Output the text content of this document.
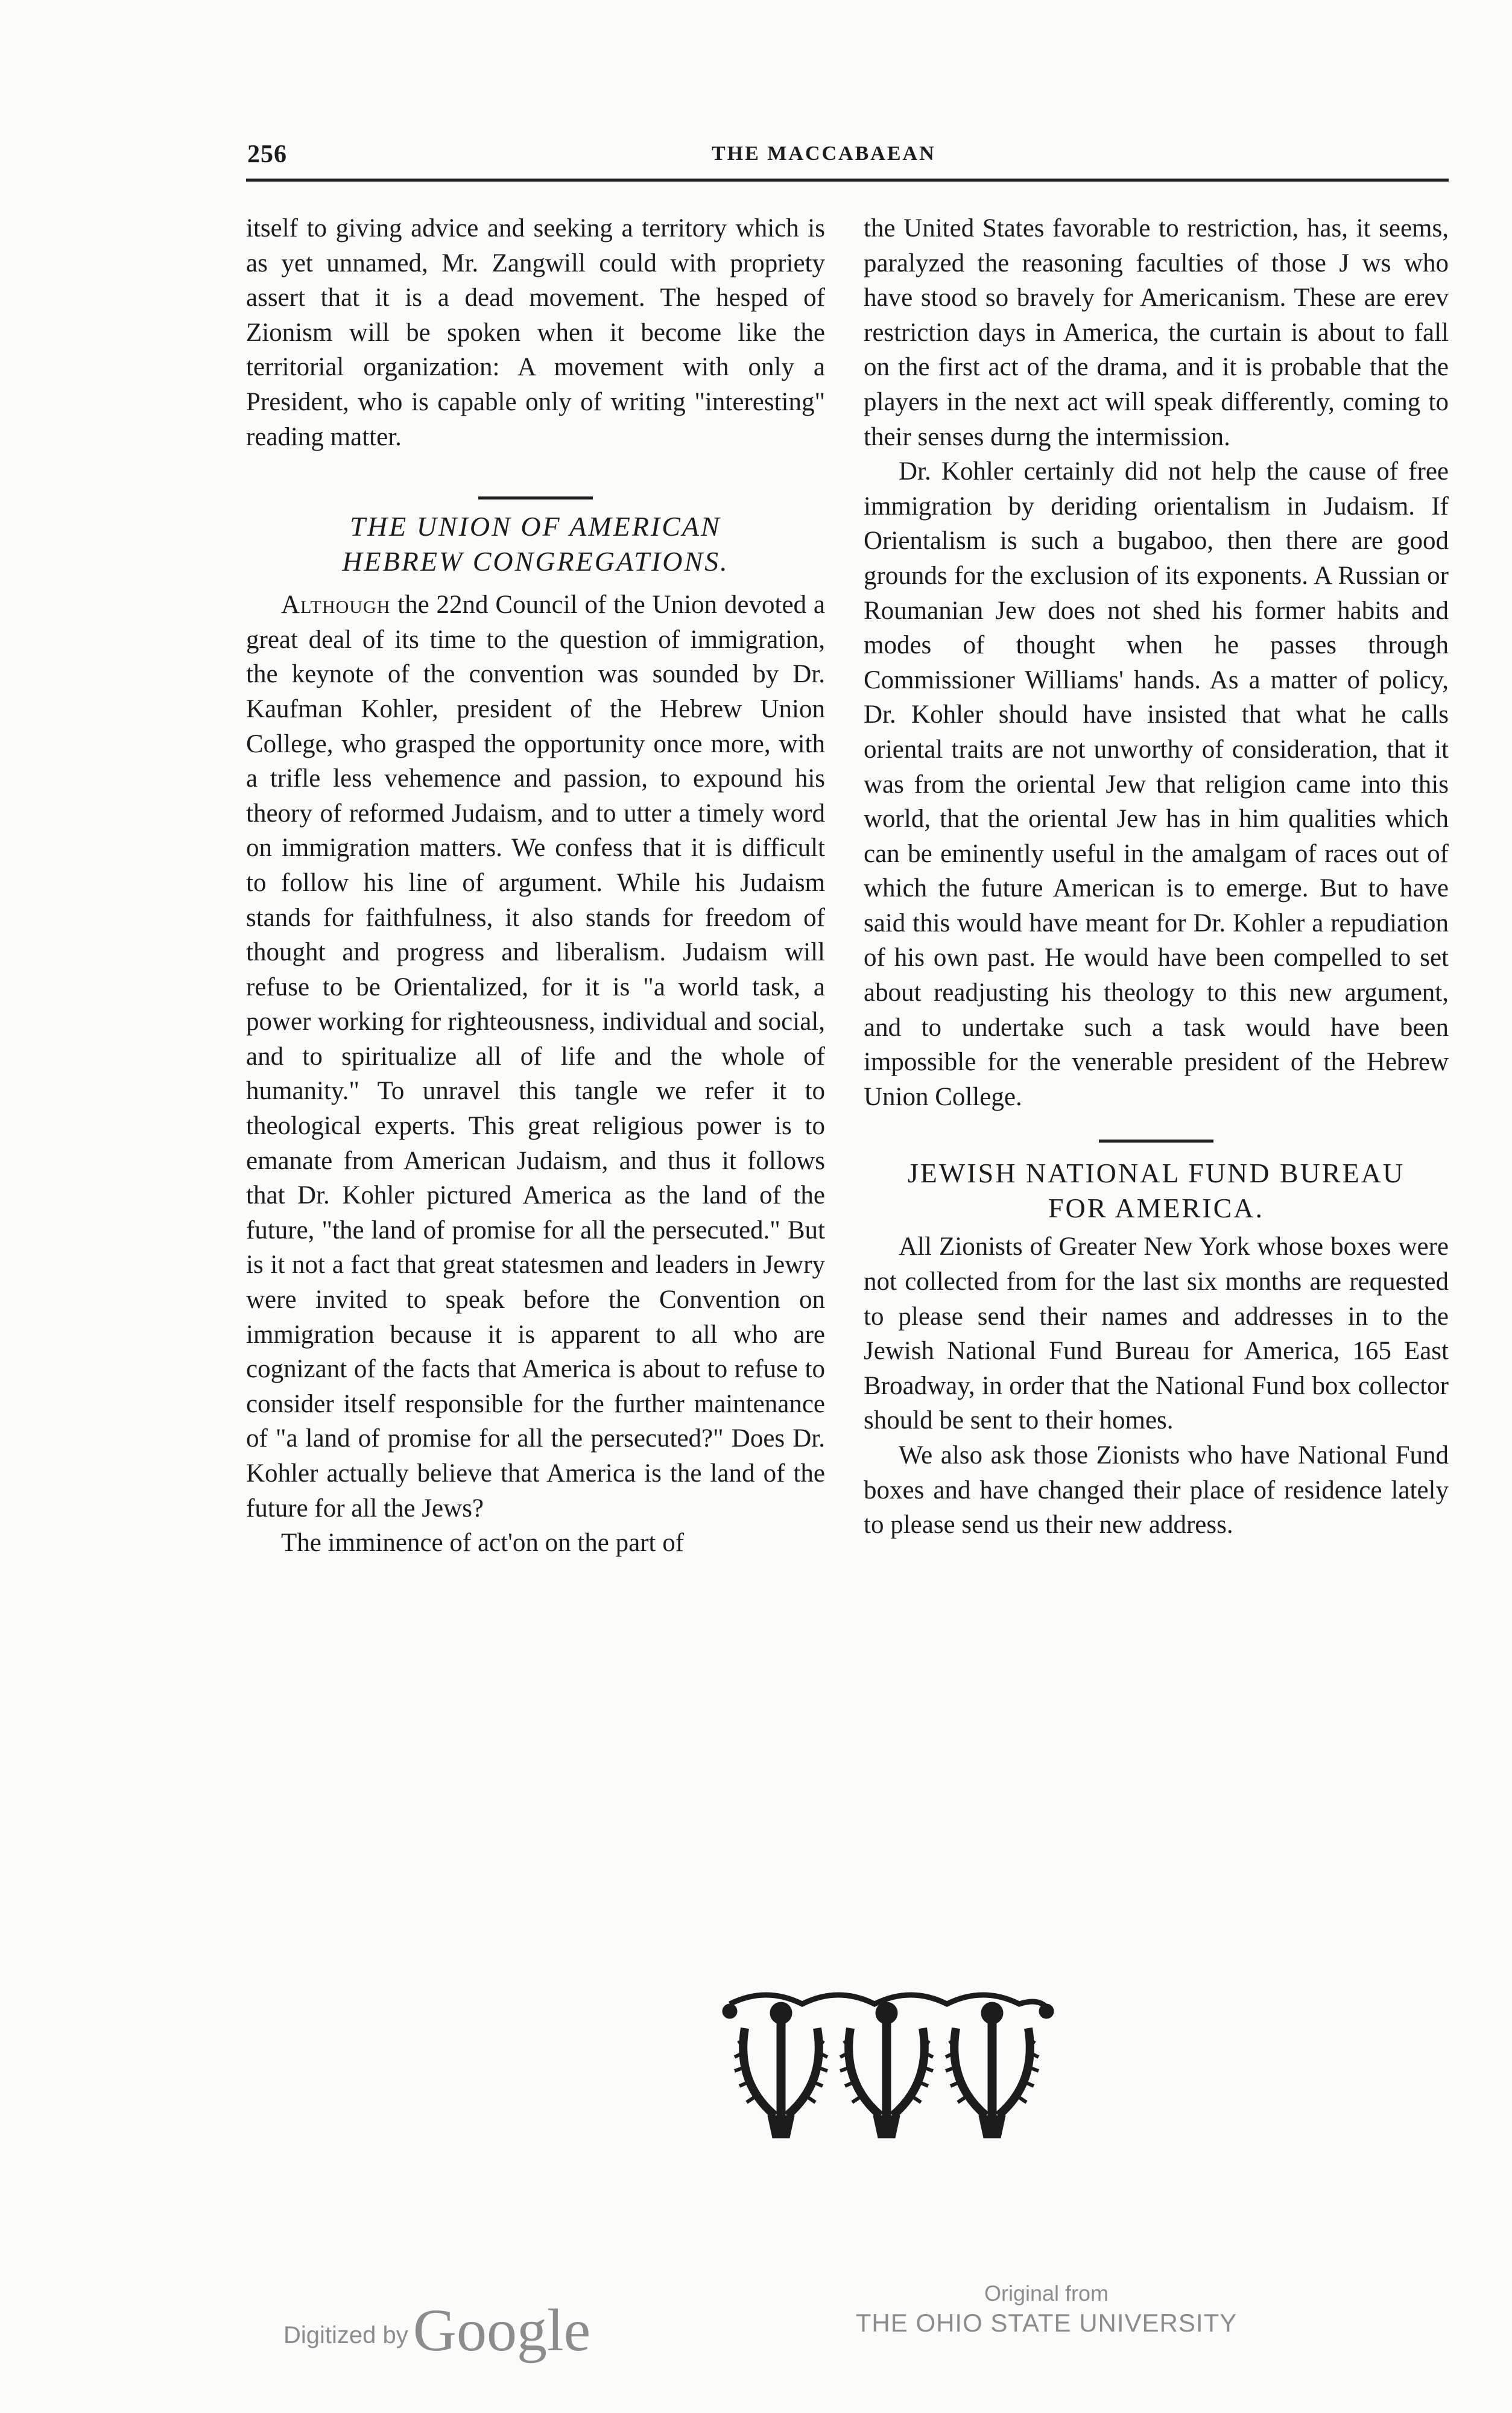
256	THE MACCABAEAN

itself to giving advice and seeking a territory which is as yet unnamed, Mr. Zangwill could with propriety assert that it is a dead movement. The hesped of Zionism will be spoken when it become like the territorial organization: A movement with only a President, who is capable only of writing "interesting" reading matter.

THE UNION OF AMERICAN
HEBREW CONGREGATIONS.

Although the 22nd Council of the Union devoted a great deal of its time to the question of immigration, the keynote of the convention was sounded by Dr. Kaufman Kohler, president of the Hebrew Union College, who grasped the opportunity once more, with a trifle less vehemence and passion, to expound his theory of reformed Judaism, and to utter a timely word on immigration matters. We confess that it is difficult to follow his line of argument. While his Judaism stands for faithfulness, it also stands for freedom of thought and progress and liberalism. Judaism will refuse to be Orientalized, for it is "a world task, a power working for righteousness, individual and social, and to spiritualize all of life and the whole of humanity." To unravel this tangle we refer it to theological experts. This great religious power is to emanate from American Judaism, and thus it follows that Dr. Kohler pictured America as the land of the future, "the land of promise for all the persecuted." But is it not a fact that great statesmen and leaders in Jewry were invited to speak before the Convention on immigration because it is apparent to all who are cognizant of the facts that America is about to refuse to consider itself responsible for the further maintenance of "a land of promise for all the persecuted?" Does Dr. Kohler actually believe that America is the land of the future for all the Jews?

The imminence of act'on on the part of

the United States favorable to restriction, has, it seems, paralyzed the reasoning faculties of those J ws who have stood so bravely for Americanism. These are erev restriction days in America, the curtain is about to fall on the first act of the drama, and it is probable that the players in the next act will speak differently, coming to their senses durng the intermission.

Dr. Kohler certainly did not help the cause of free immigration by deriding orientalism in Judaism. If Orientalism is such a bugaboo, then there are good grounds for the exclusion of its exponents. A Russian or Roumanian Jew does not shed his former habits and modes of thought when he passes through Commissioner Williams' hands. As a matter of policy, Dr. Kohler should have insisted that what he calls oriental traits are not unworthy of consideration, that it was from the oriental Jew that religion came into this world, that the oriental Jew has in him qualities which can be eminently useful in the amalgam of races out of which the future American is to emerge. But to have said this would have meant for Dr. Kohler a repudiation of his own past. He would have been compelled to set about readjusting his theology to this new argument, and to undertake such a task would have been impossible for the venerable president of the Hebrew Union College.

JEWISH NATIONAL FUND BUREAU
FOR AMERICA.

All Zionists of Greater New York whose boxes were not collected from for the last six months are requested to please send their names and addresses in to the Jewish National Fund Bureau for America, 165 East Broadway, in order that the National Fund box collector should be sent to their homes.

We also ask those Zionists who have National Fund boxes and have changed their place of residence lately to please send us their new address.

Digitized byGoogle
Original from
THE OHIO STATE UNIVERSITY
